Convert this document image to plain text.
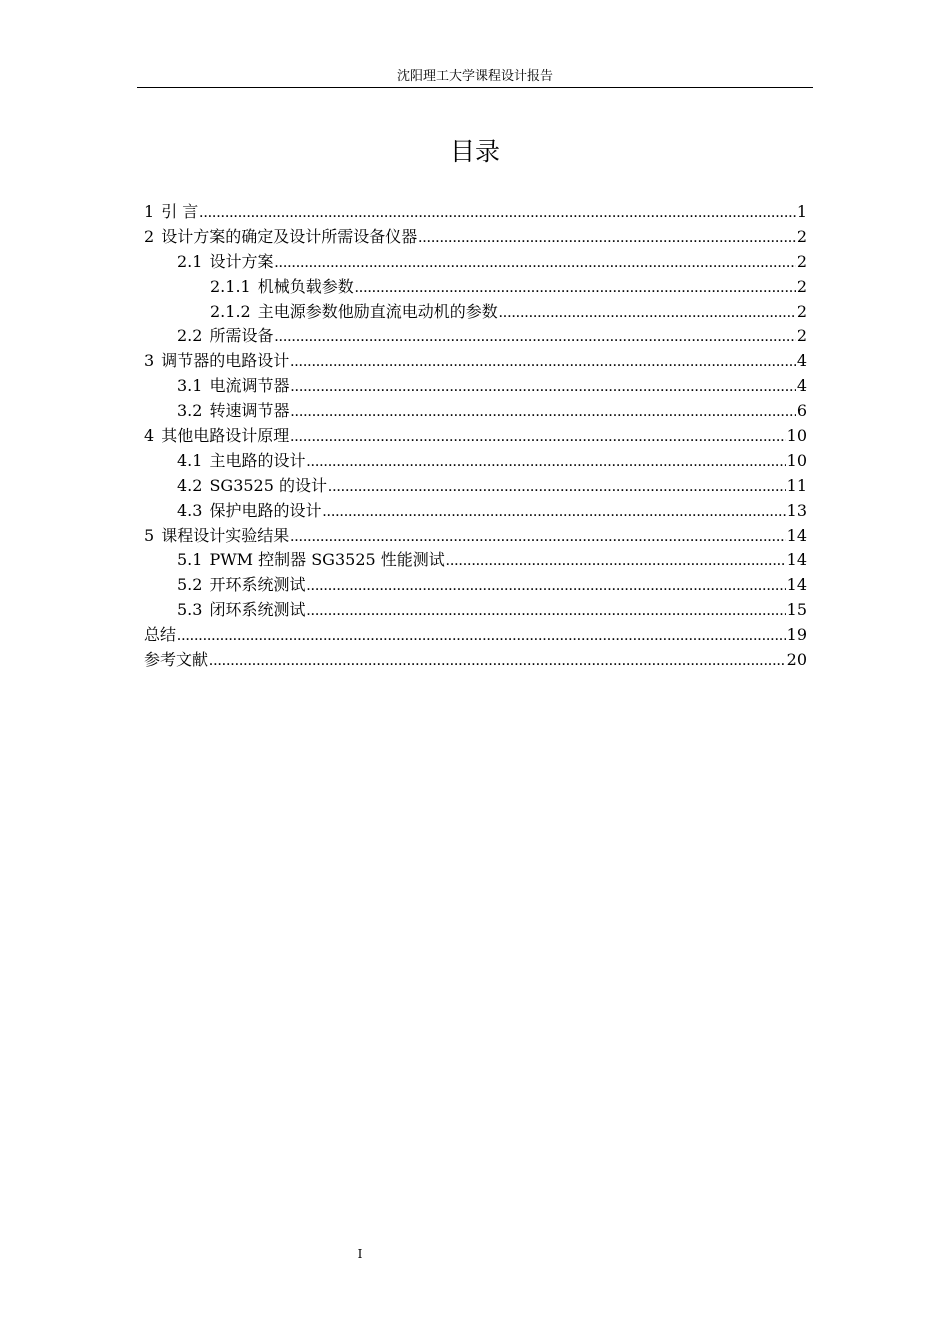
沈阳理工大学课程设计报告
目录
1 引 言 .....	1
2 设计方案的确定及设计所需设备仪器 .....	2
2.1 设计方案 .....	2
2.1.1 机械负载参数 .....	2
2.1.2 主电源参数他励直流电动机的参数 .....	2
2.2 所需设备 .....	2
3 调节器的电路设计 .....	4
3.1 电流调节器 .....	4
3.2 转速调节器 .....	6
4 其他电路设计原理 .....	10
4.1 主电路的设计 .....	10
4.2 SG3525 的设计 .....	11
4.3 保护电路的设计 .....	13
5 课程设计实验结果 .....	14
5.1 PWM 控制器 SG3525 性能测试 .....	14
5.2 开环系统测试 .....	14
5.3 闭环系统测试 .....	15
总结 .....	19
参考文献 .....	20
I
